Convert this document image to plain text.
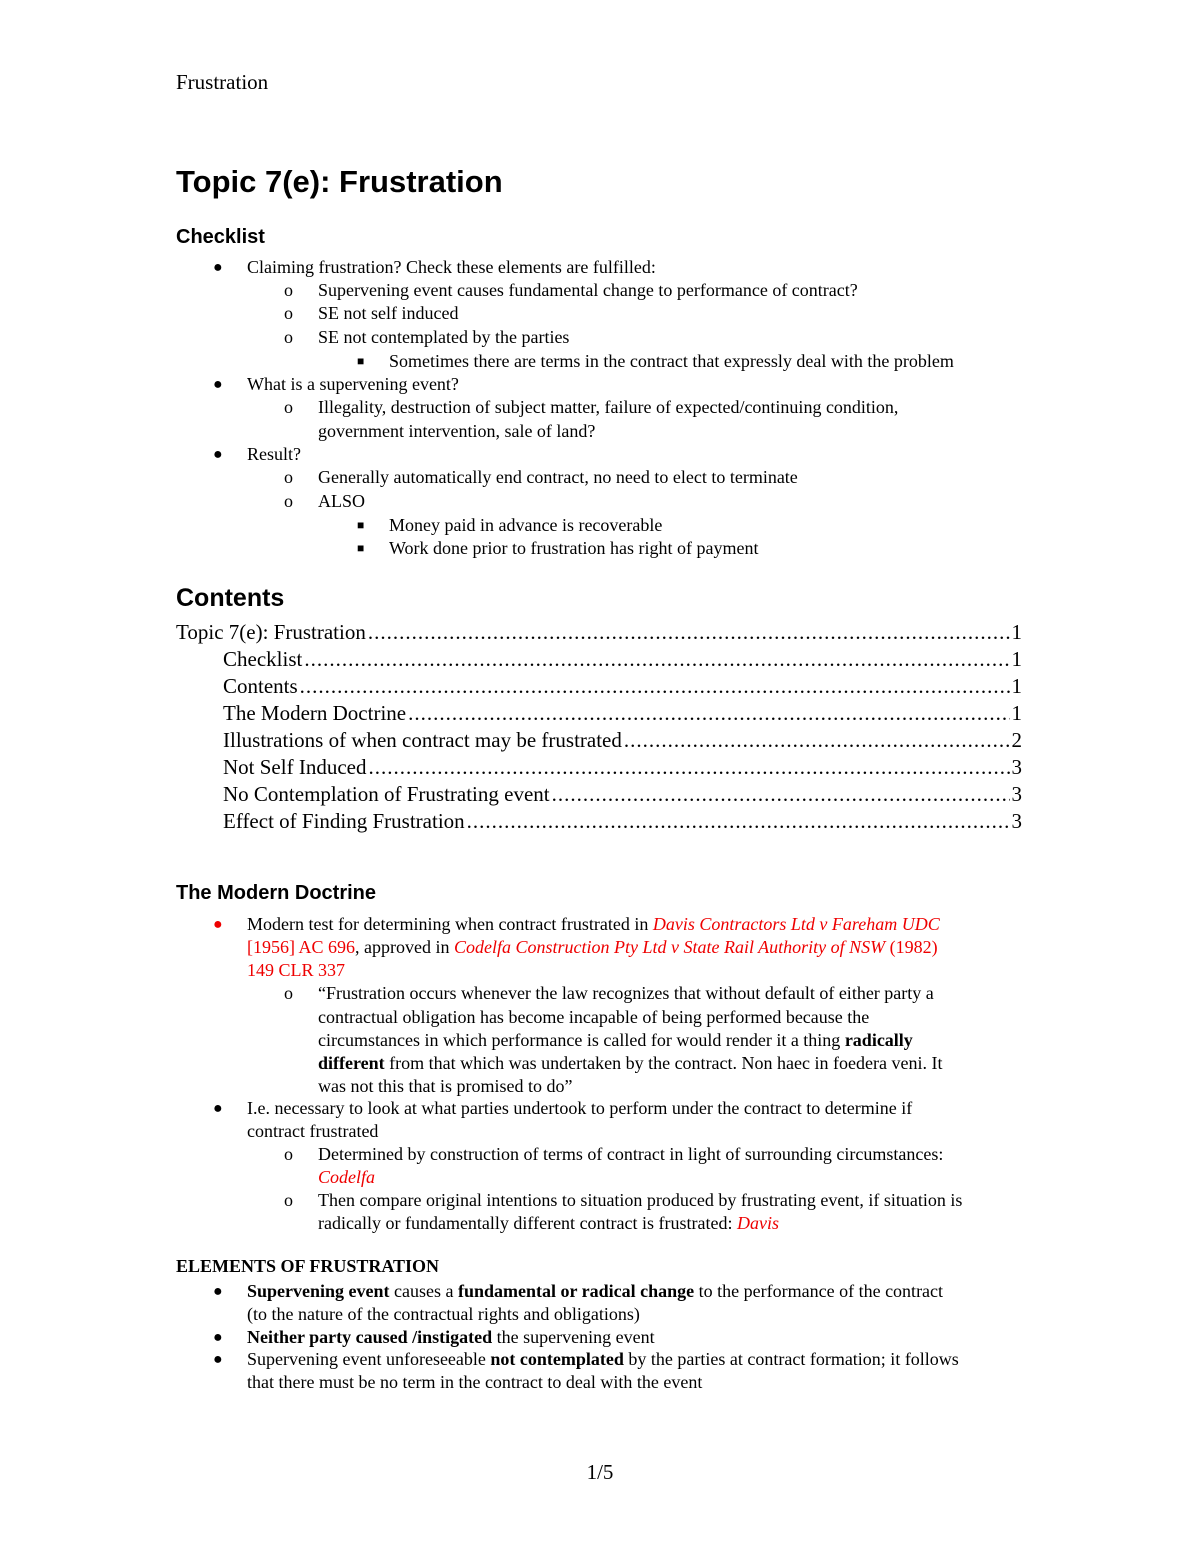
Frustration
Topic 7(e): Frustration
Checklist
● Claiming frustration? Check these elements are fulfilled:
o Supervening event causes fundamental change to performance of contract?
o SE not self induced
o SE not contemplated by the parties
■ Sometimes there are terms in the contract that expressly deal with the problem
● What is a supervening event?
o Illegality, destruction of subject matter, failure of expected/continuing condition,
government intervention, sale of land?
● Result?
o Generally automatically end contract, no need to elect to terminate
o ALSO
■ Money paid in advance is recoverable
■ Work done prior to frustration has right of payment
Contents
Topic 7(e): Frustration .....	1
Checklist .....	1
Contents .....	1
The Modern Doctrine .....	1
Illustrations of when contract may be frustrated .....	2
Not Self Induced .....	3
No Contemplation of Frustrating event .....	3
Effect of Finding Frustration .....	3
The Modern Doctrine
● Modern test for determining when contract frustrated in Davis Contractors Ltd v Fareham UDC
[1956] AC 696, approved in Codelfa Construction Pty Ltd v State Rail Authority of NSW (1982)
149 CLR 337
o “Frustration occurs whenever the law recognizes that without default of either party a
contractual obligation has become incapable of being performed because the
circumstances in which performance is called for would render it a thing radically
different from that which was undertaken by the contract. Non haec in foedera veni. It
was not this that is promised to do”
● I.e. necessary to look at what parties undertook to perform under the contract to determine if
contract frustrated
o Determined by construction of terms of contract in light of surrounding circumstances:
Codelfa
o Then compare original intentions to situation produced by frustrating event, if situation is
radically or fundamentally different contract is frustrated: Davis
ELEMENTS OF FRUSTRATION
● Supervening event causes a fundamental or radical change to the performance of the contract
(to the nature of the contractual rights and obligations)
● Neither party caused /instigated the supervening event
● Supervening event unforeseeable not contemplated by the parties at contract formation; it follows
that there must be no term in the contract to deal with the event
1/5
